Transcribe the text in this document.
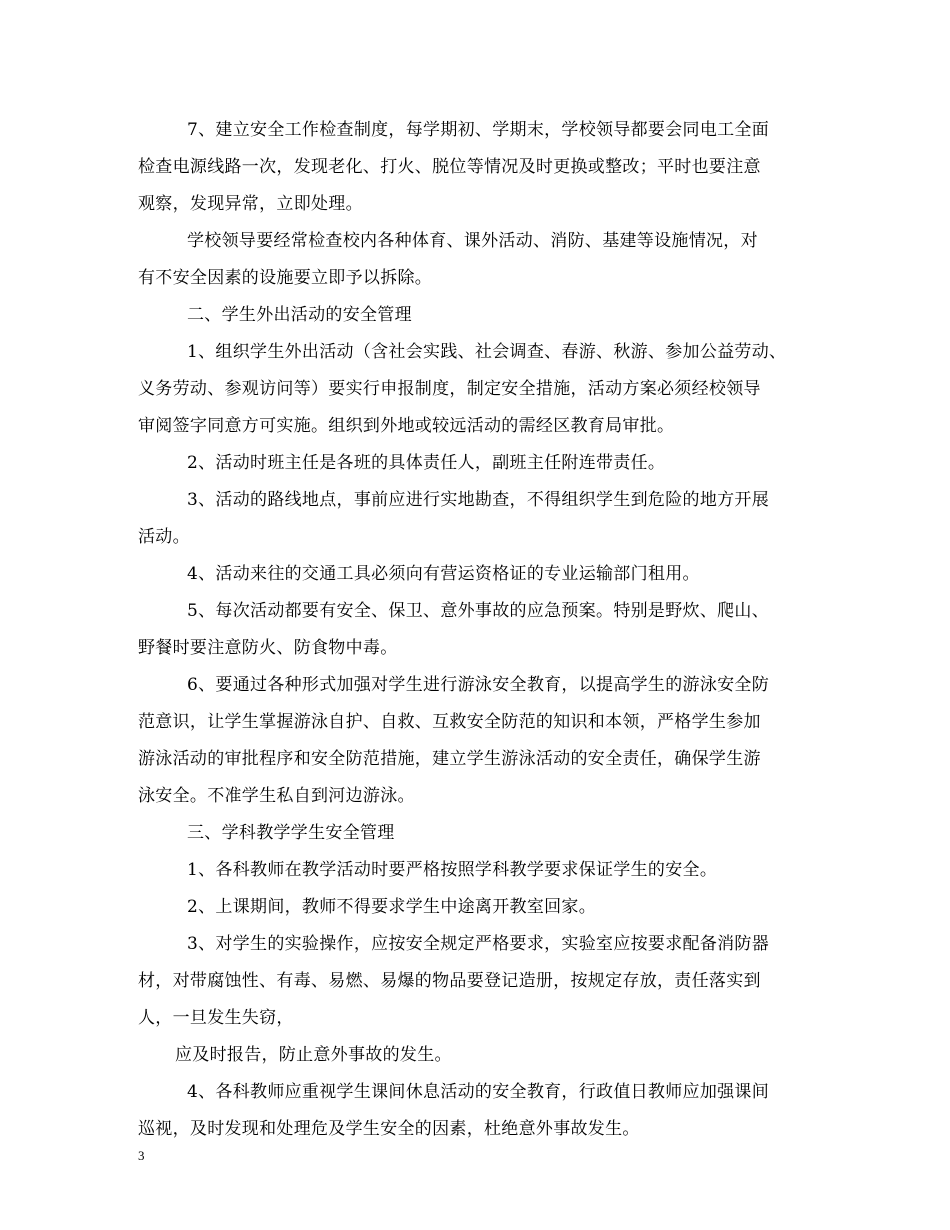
7、建立安全工作检查制度，每学期初、学期末，学校领导都要会同电工全面
检查电源线路一次，发现老化、打火、脱位等情况及时更换或整改；平时也要注意
观察，发现异常，立即处理。
学校领导要经常检查校内各种体育、课外活动、消防、基建等设施情况，对
有不安全因素的设施要立即予以拆除。
二、学生外出活动的安全管理
1、组织学生外出活动（含社会实践、社会调查、春游、秋游、参加公益劳动、
义务劳动、参观访问等）要实行申报制度，制定安全措施，活动方案必须经校领导
审阅签字同意方可实施。组织到外地或较远活动的需经区教育局审批。
2、活动时班主任是各班的具体责任人，副班主任附连带责任。
3、活动的路线地点，事前应进行实地勘查，不得组织学生到危险的地方开展
活动。
4、活动来往的交通工具必须向有营运资格证的专业运输部门租用。
5、每次活动都要有安全、保卫、意外事故的应急预案。特别是野炊、爬山、
野餐时要注意防火、防食物中毒。
6、要通过各种形式加强对学生进行游泳安全教育，以提高学生的游泳安全防
范意识，让学生掌握游泳自护、自救、互救安全防范的知识和本领，严格学生参加
游泳活动的审批程序和安全防范措施，建立学生游泳活动的安全责任，确保学生游
泳安全。不准学生私自到河边游泳。
三、学科教学学生安全管理
1、各科教师在教学活动时要严格按照学科教学要求保证学生的安全。
2、上课期间，教师不得要求学生中途离开教室回家。
3、对学生的实验操作，应按安全规定严格要求，实验室应按要求配备消防器
材，对带腐蚀性、有毒、易燃、易爆的物品要登记造册，按规定存放，责任落实到
人，一旦发生失窃，
应及时报告，防止意外事故的发生。
4、各科教师应重视学生课间休息活动的安全教育，行政值日教师应加强课间
巡视，及时发现和处理危及学生安全的因素，杜绝意外事故发生。
3
